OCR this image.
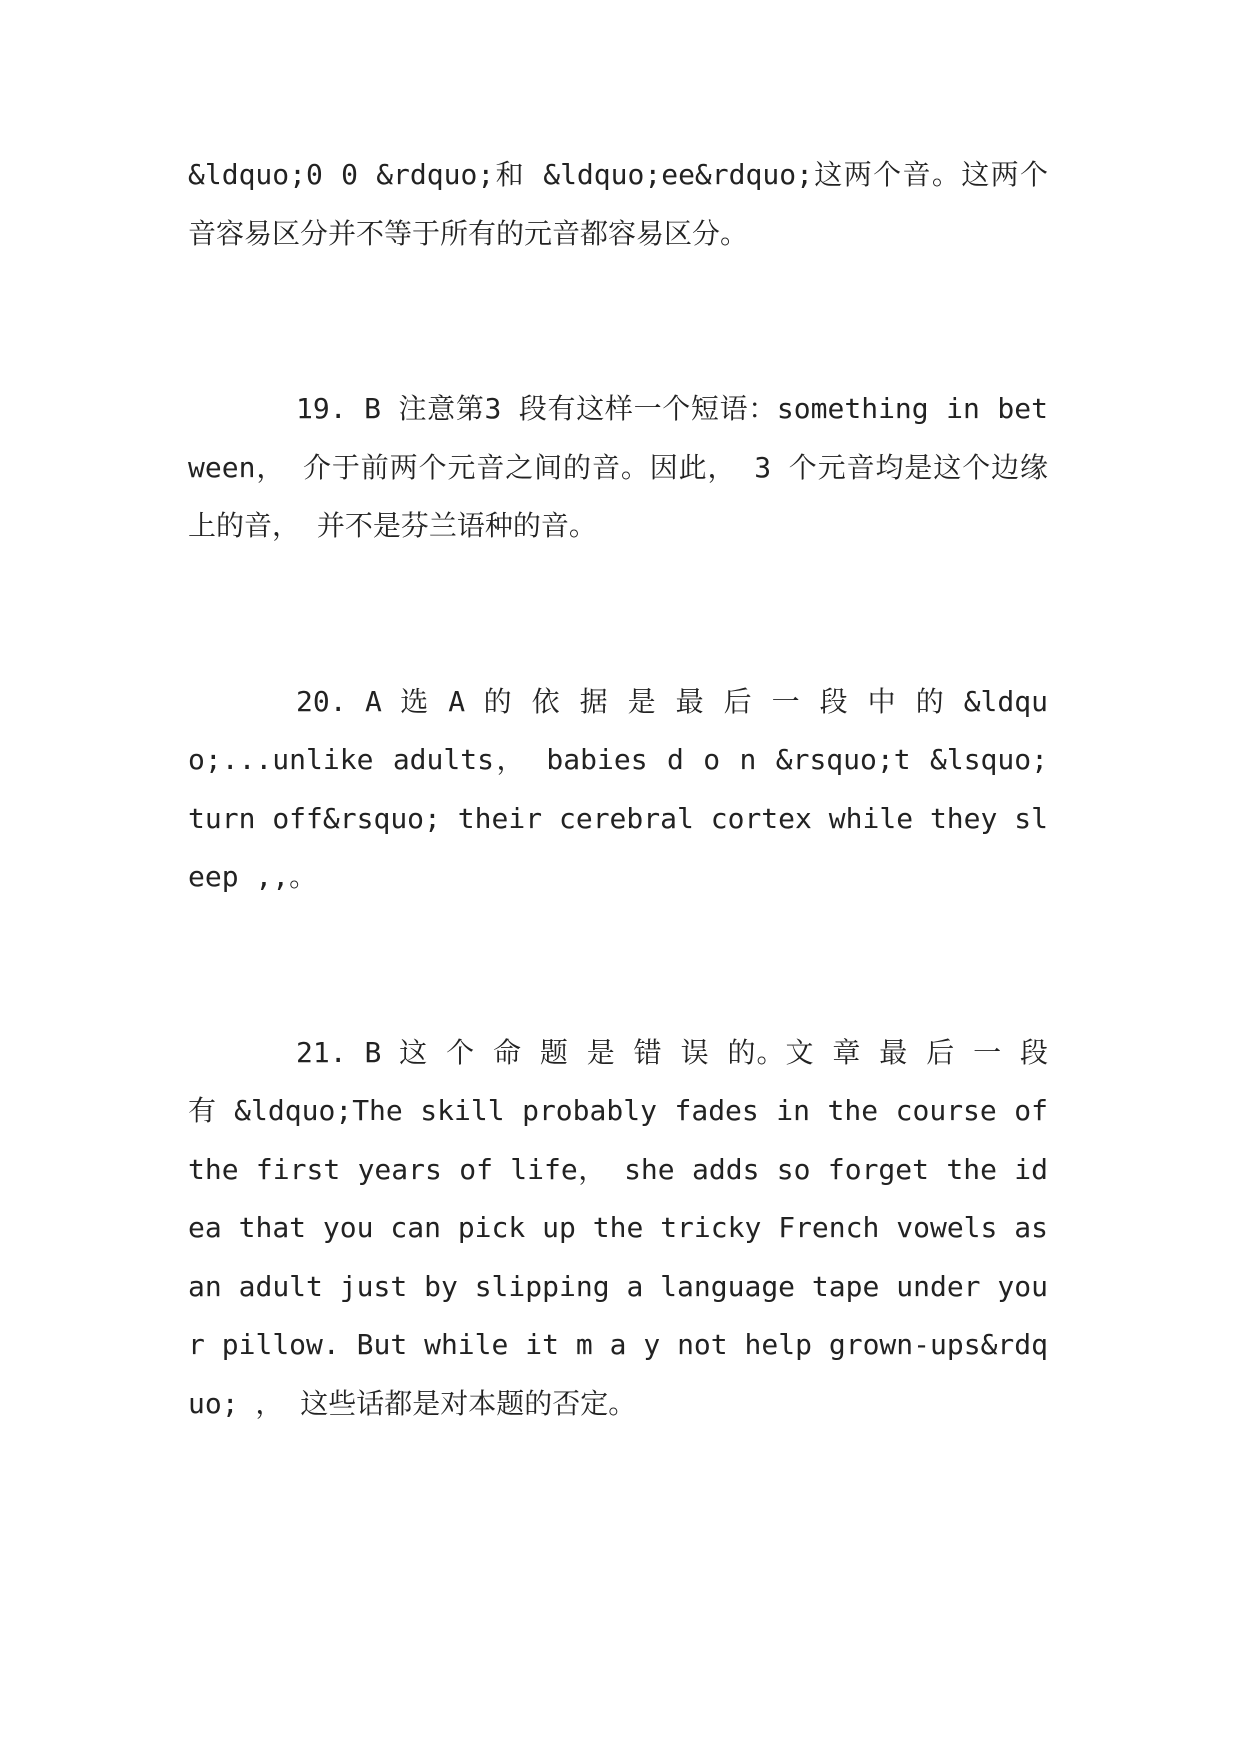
&ldquo;0 0 &rdquo;和 &ldquo;ee&rdquo;这两个音。这两个音容易区分并不等于所有的元音都容易区分。

19. B 注意第3 段有这样一个短语：something in between， 介于前两个元音之间的音。因此， 3 个元音均是这个边缘上的音， 并不是芬兰语种的音。

20. A 选 A 的 依 据 是 最 后 一 段 中 的 &ldquo;...unlike adults， babies d o n &rsquo;t &lsquo; turn off&rsquo; their cerebral cortex while they sleep ,,。

21. B 这 个 命 题 是 错 误 的。文 章 最 后 一 段 有 &ldquo;The skill probably fades in the course of the first years of life， she adds so forget the idea that you can pick up the tricky French vowels as an adult just by slipping a language tape under your pillow. But while it m a y not help grown-ups&rdquo; ， 这些话都是对本题的否定。
